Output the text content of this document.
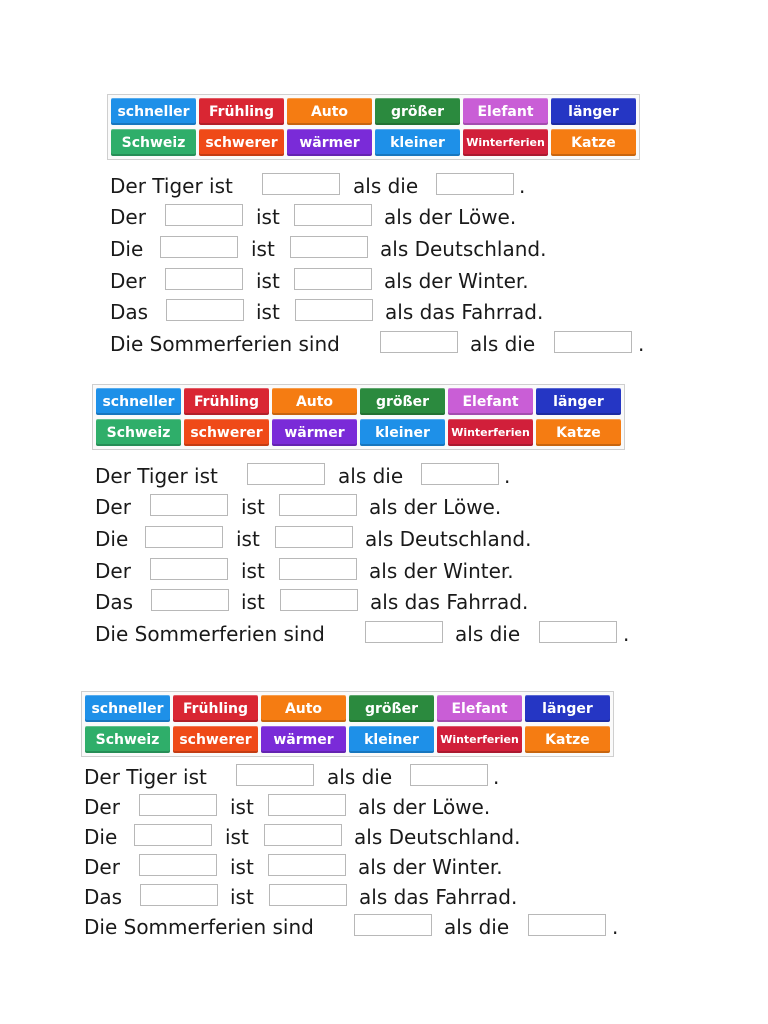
schneller	Frühling	Auto	größer	Elefant	länger
Schweiz	schwerer	wärmer	kleiner	Winterferien	Katze
Der Tiger ist	als die	.
Der	ist	als der Löwe.
Die	ist	als Deutschland.
Der	ist	als der Winter.
Das	ist	als das Fahrrad.
Die Sommerferien sind	als die	.
schneller	Frühling	Auto	größer	Elefant	länger
Schweiz	schwerer	wärmer	kleiner	Winterferien	Katze
Der Tiger ist	als die	.
Der	ist	als der Löwe.
Die	ist	als Deutschland.
Der	ist	als der Winter.
Das	ist	als das Fahrrad.
Die Sommerferien sind	als die	.
schneller	Frühling	Auto	größer	Elefant	länger
Schweiz	schwerer	wärmer	kleiner	Winterferien	Katze
Der Tiger ist	als die	.
Der	ist	als der Löwe.
Die	ist	als Deutschland.
Der	ist	als der Winter.
Das	ist	als das Fahrrad.
Die Sommerferien sind	als die	.
